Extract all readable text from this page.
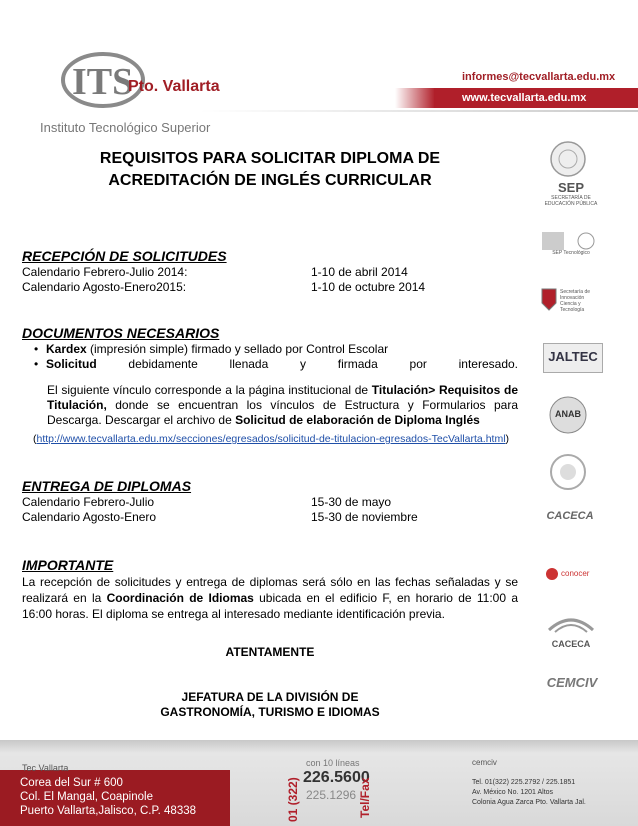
ITS
Pto. Vallarta
Instituto Tecnológico Superior
informes@tecvallarta.edu.mx
www.tecvallarta.edu.mx
REQUISITOS PARA SOLICITAR DIPLOMA DE
ACREDITACIÓN DE INGLÉS CURRICULAR
RECEPCIÓN DE SOLICITUDES
Calendario Febrero-Julio 2014:	1-10 de abril 2014
Calendario Agosto-Enero2015:	1-10 de octubre 2014
DOCUMENTOS NECESARIOS
• Kardex (impresión simple) firmado y sellado por Control Escolar
• Solicitud debidamente llenada y firmada por interesado.
El siguiente vínculo corresponde a la página institucional de Titulación> Requisitos de Titulación, donde se encuentran los vínculos de Estructura y Formularios para Descarga. Descargar el archivo de Solicitud de elaboración de Diploma Inglés
(http://www.tecvallarta.edu.mx/secciones/egresados/solicitud-de-titulacion-egresados-TecVallarta.html)
ENTREGA DE DIPLOMAS
Calendario Febrero-Julio	15-30 de mayo
Calendario Agosto-Enero	15-30 de noviembre
IMPORTANTE
La recepción de solicitudes y entrega de diplomas será sólo en las fechas señaladas y se realizará en la Coordinación de Idiomas ubicada en el edificio F, en horario de 11:00 a 16:00 horas. El diploma se entrega al interesado mediante identificación previa.
ATENTAMENTE
JEFATURA DE LA DIVISIÓN DE
GASTRONOMÍA, TURISMO E IDIOMAS
SEP
SECRETARÍA DE EDUCACIÓN PÚBLICA
SEP Tecnológico
Secretaría de Innovación Ciencia y Tecnología
JALTEC
ANAB
CACECA
conocer
CACECA
CEMCIV
Tec Vallarta
Corea del Sur # 600
Col. El Mangal, Coapinole
Puerto Vallarta,Jalisco, C.P. 48338	01 (322)
con 10 líneas
226.5600
225.1296 Tel/Fax
cemciv
Tel. 01(322) 225.2792 / 225.1851
Av. México No. 1201 Altos
Colonia Agua Zarca Pto. Vallarta Jal.
